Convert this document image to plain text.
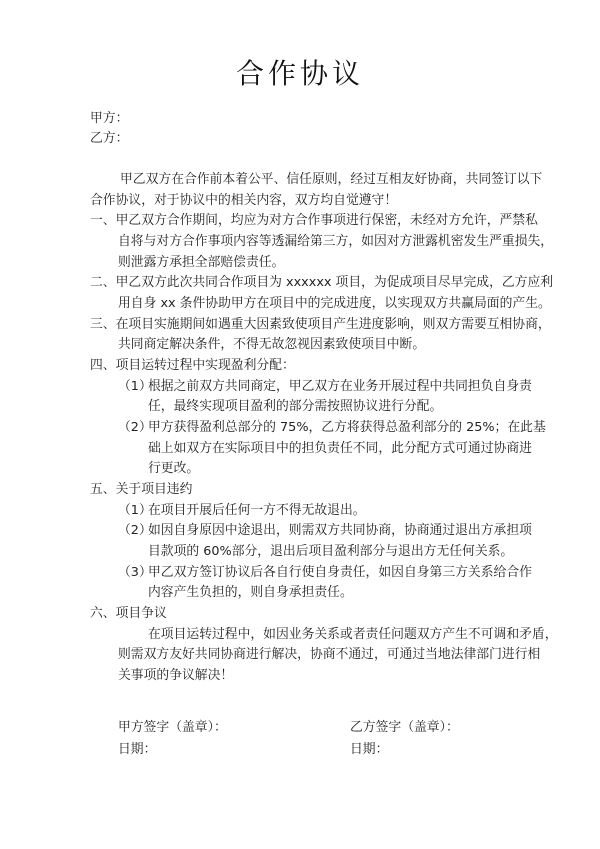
合作协议
甲方：
乙方：
甲乙双方在合作前本着公平、信任原则，经过互相友好协商，共同签订以下
合作协议，对于协议中的相关内容，双方均自觉遵守！
一、甲乙双方合作期间，均应为对方合作事项进行保密，未经对方允许，严禁私
自将与对方合作事项内容等透漏给第三方，如因对方泄露机密发生严重损失，
则泄露方承担全部赔偿责任。
二、甲乙双方此次共同合作项目为 xxxxxx 项目，为促成项目尽早完成，乙方应利
用自身 xx 条件协助甲方在项目中的完成进度，以实现双方共赢局面的产生。
三、在项目实施期间如遇重大因素致使项目产生进度影响，则双方需要互相协商，
共同商定解决条件，不得无故忽视因素致使项目中断。
四、项目运转过程中实现盈利分配：
（1）
根据之前双方共同商定，甲乙双方在业务开展过程中共同担负自身责
任，最终实现项目盈利的部分需按照协议进行分配。
（2）
甲方获得盈利总部分的 75%，乙方将获得总盈利部分的 25%；在此基
础上如双方在实际项目中的担负责任不同，此分配方式可通过协商进
行更改。
五、关于项目违约
（1）
在项目开展后任何一方不得无故退出。
（2）
如因自身原因中途退出，则需双方共同协商，协商通过退出方承担项
目款项的 60%部分，退出后项目盈利部分与退出方无任何关系。
（3）
甲乙双方签订协议后各自行使自身责任，如因自身第三方关系给合作
内容产生负担的，则自身承担责任。
六、项目争议
在项目运转过程中，如因业务关系或者责任问题双方产生不可调和矛盾，
则需双方友好共同协商进行解决，协商不通过，可通过当地法律部门进行相
关事项的争议解决！
甲方签字（盖章）：
日期：
乙方签字（盖章）：
日期：
